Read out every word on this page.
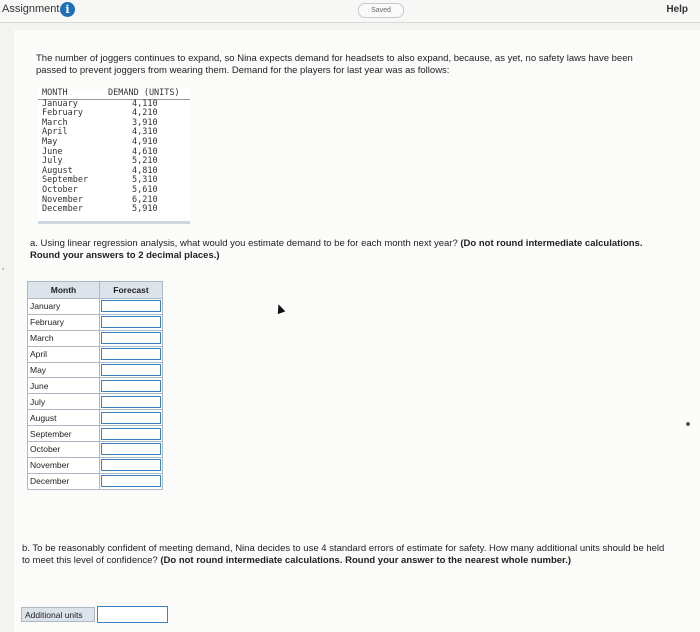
Assignment i	Saved	Help
,
The number of joggers continues to expand, so Nina expects demand for headsets to also expand, because, as yet, no safety laws have been passed to prevent joggers from wearing them. Demand for the players for last year was as follows:
MONTH	DEMAND (UNITS)
January	4,110
February	4,210
March	3,910
April	4,310
May	4,910
June	4,610
July	5,210
August	4,810
September	5,310
October	5,610
November	6,210
December	5,910
a. Using linear regression analysis, what would you estimate demand to be for each month next year? (Do not round intermediate calculations. Round your answers to 2 decimal places.)
Month	Forecast
January	

February	

March	

April	

May	

June	

July	

August	

September	

October	

November	

December	
b. To be reasonably confident of meeting demand, Nina decides to use 4 standard errors of estimate for safety. How many additional units should be held to meet this level of confidence? (Do not round intermediate calculations. Round your answer to the nearest whole number.)
Additional units
